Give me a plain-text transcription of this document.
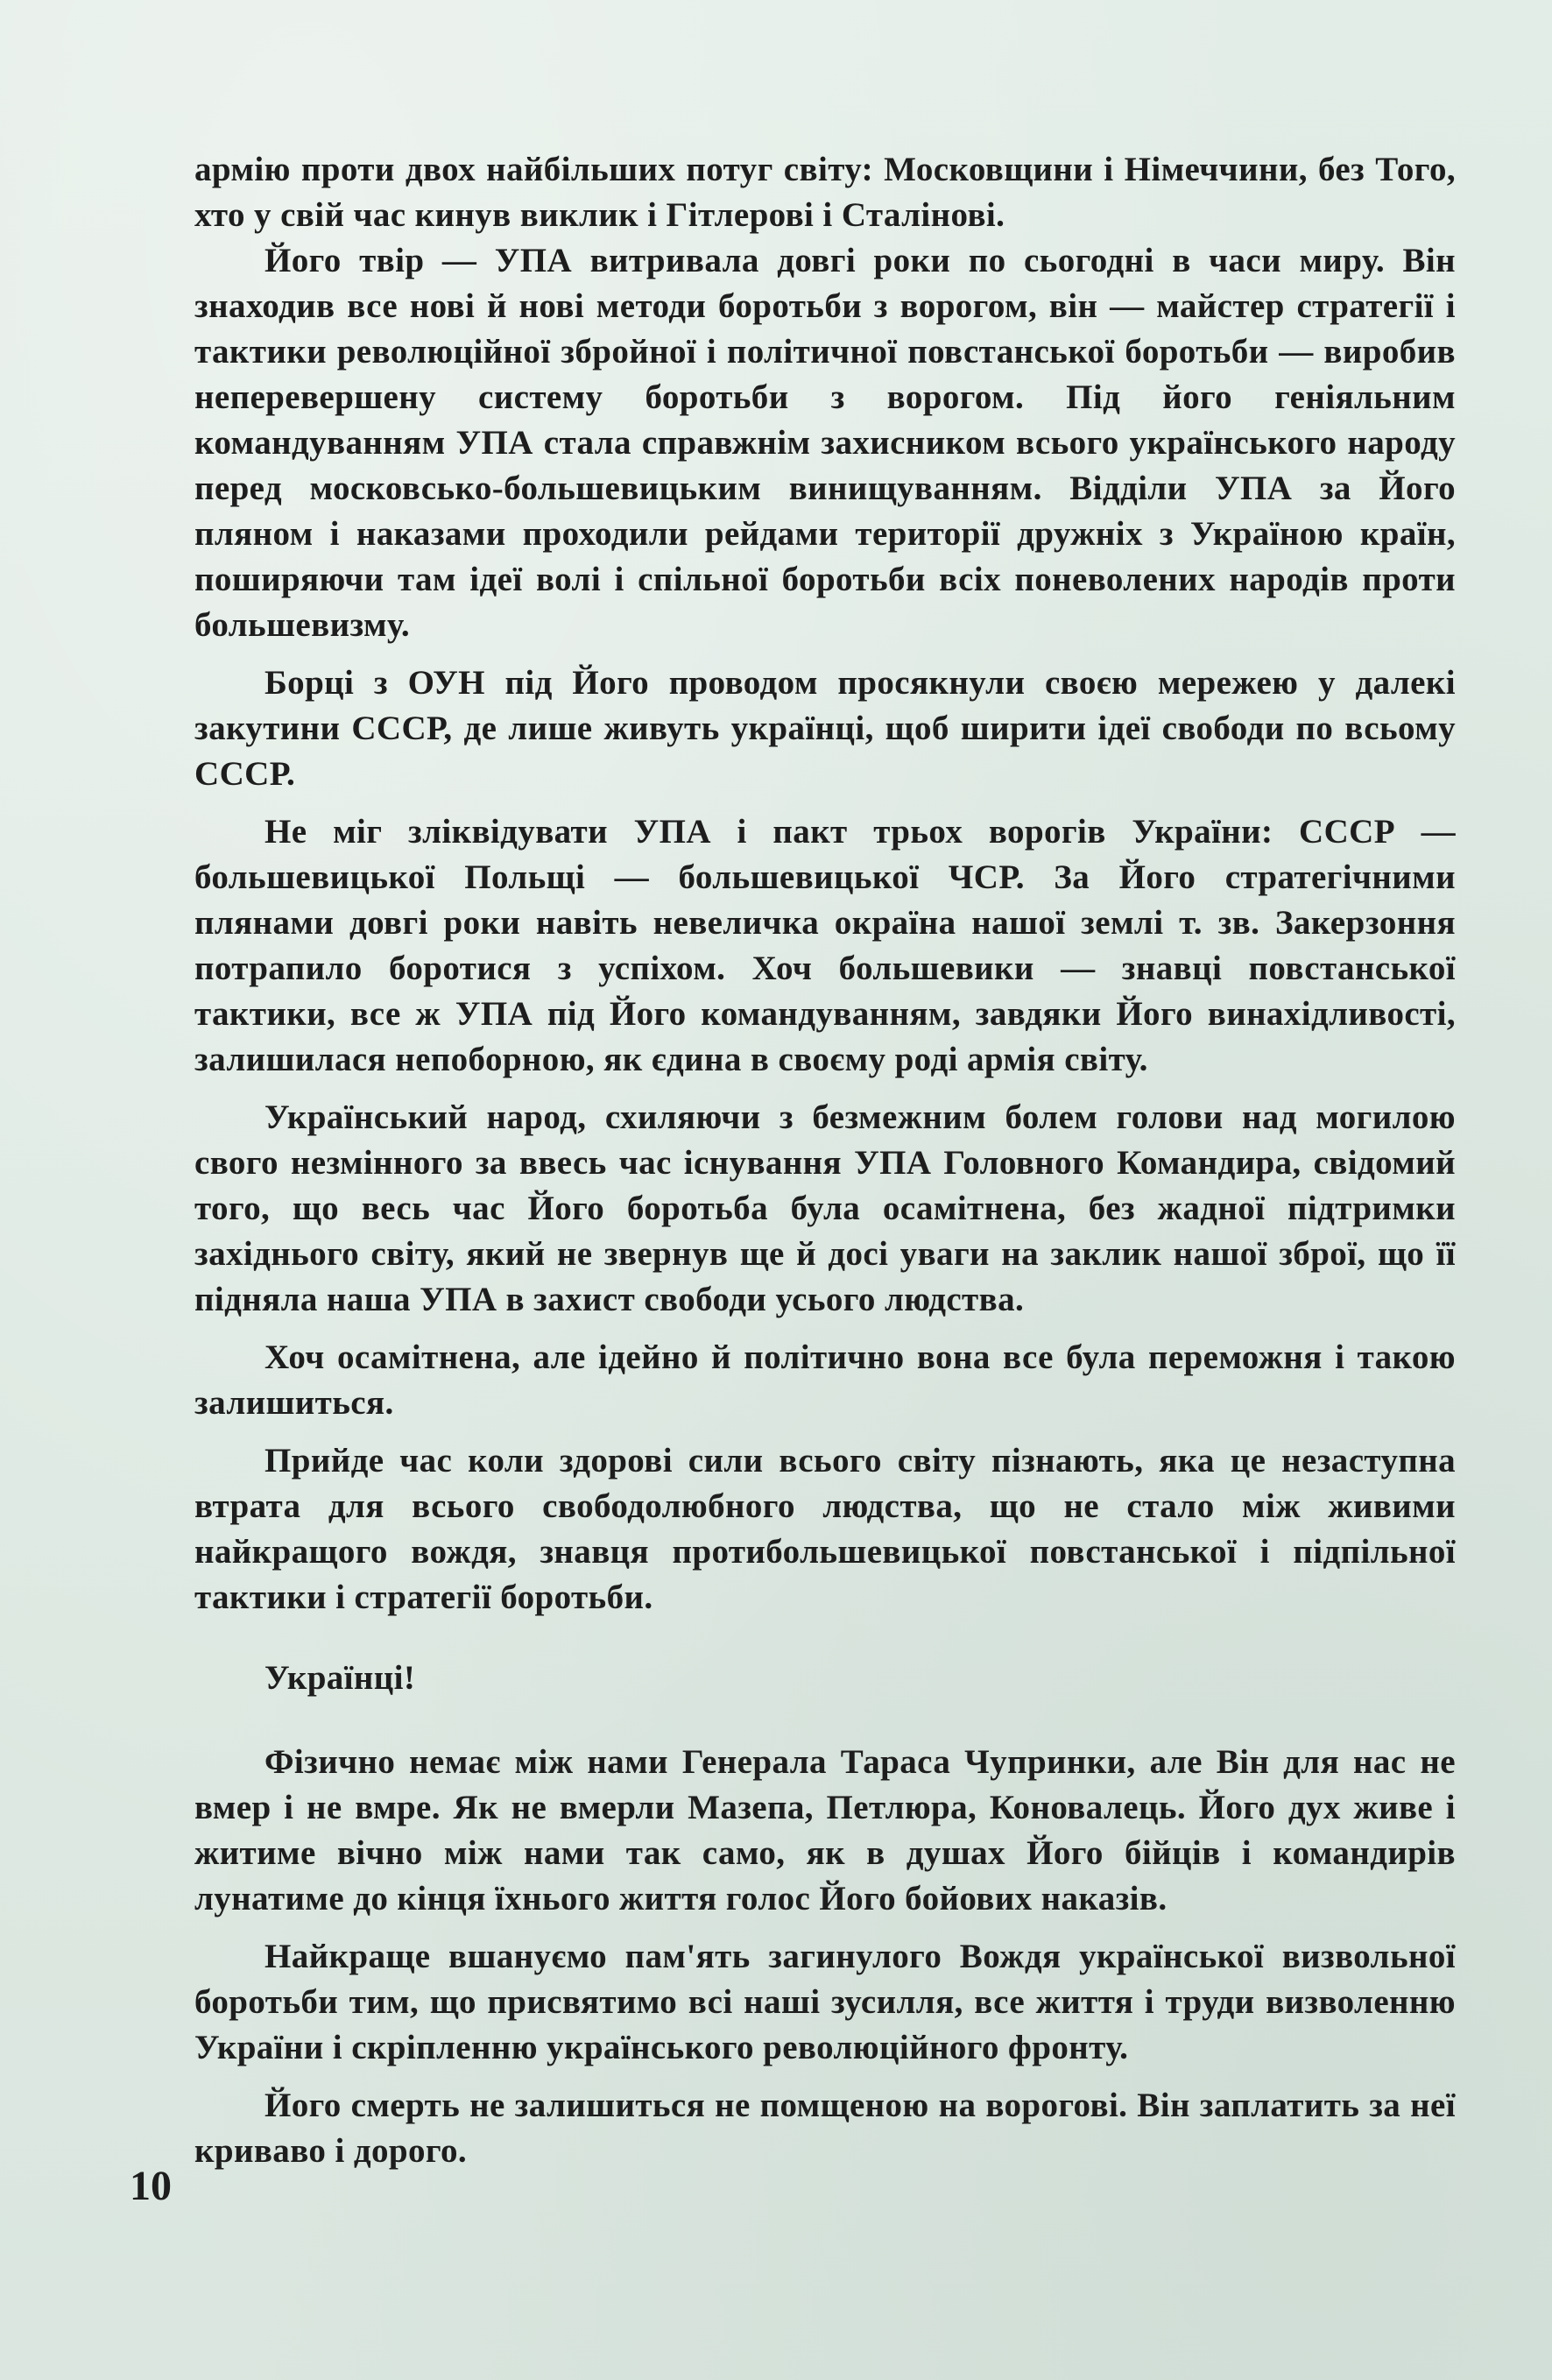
армію проти двох найбільших потуг світу: Московщини і Німеччини, без Того, хто у свій час кинув виклик і Гітлерові і Сталінові.

Його твір — УПА витривала довгі роки по сьогодні в часи миру. Він знаходив все нові й нові методи боротьби з ворогом, він — майстер стратегії і тактики революційної збройної і політичної повстанської боротьби — виробив неперевершену систему боротьби з ворогом. Під його геніяльним командуванням УПА стала справжнім захисником всього українського народу перед московсько-большевицьким винищуванням. Відділи УПА за Його пляном і наказами проходили рейдами території дружніх з Україною країн, поширяючи там ідеї волі і спільної боротьби всіх поневолених народів проти большевизму.

Борці з ОУН під Його проводом просякнули своєю мережею у далекі закутини СССР, де лише живуть українці, щоб ширити ідеї свободи по всьому СССР.

Не міг зліквідувати УПА і пакт трьох ворогів України: СССР — большевицької Польщі — большевицької ЧСР. За Його стратегічними плянами довгі роки навіть невеличка окраїна нашої землі т. зв. Закерзоння потрапило боротися з успіхом. Хоч большевики — знавці повстанської тактики, все ж УПА під Його командуванням, завдяки Його винахідливості, залишилася непоборною, як єдина в своєму роді армія світу.

Український народ, схиляючи з безмежним болем голови над могилою свого незмінного за ввесь час існування УПА Головного Командира, свідомий того, що весь час Його боротьба була осамітнена, без жадної підтримки західнього світу, який не звернув ще й досі уваги на заклик нашої зброї, що її підняла наша УПА в захист свободи усього людства.

Хоч осамітнена, але ідейно й політично вона все була переможня і такою залишиться.

Прийде час коли здорові сили всього світу пізнають, яка це незаступна втрата для всього свободолюбного людства, що не стало між живими найкращого вождя, знавця протибольшевицької повстанської і підпільної тактики і стратегії боротьби.

Українці!

Фізично немає між нами Генерала Тараса Чупринки, але Він для нас не вмер і не вмре. Як не вмерли Мазепа, Петлюра, Коновалець. Його дух живе і житиме вічно між нами так само, як в душах Його бійців і командирів лунатиме до кінця їхнього життя голос Його бойових наказів.

Найкраще вшануємо пам'ять загинулого Вождя української визвольної боротьби тим, що присвятимо всі наші зусилля, все життя і труди визволенню України і скріпленню українського революційного фронту.

Його смерть не залишиться не помщеною на ворогові. Він заплатить за неї криваво і дорого.

10
